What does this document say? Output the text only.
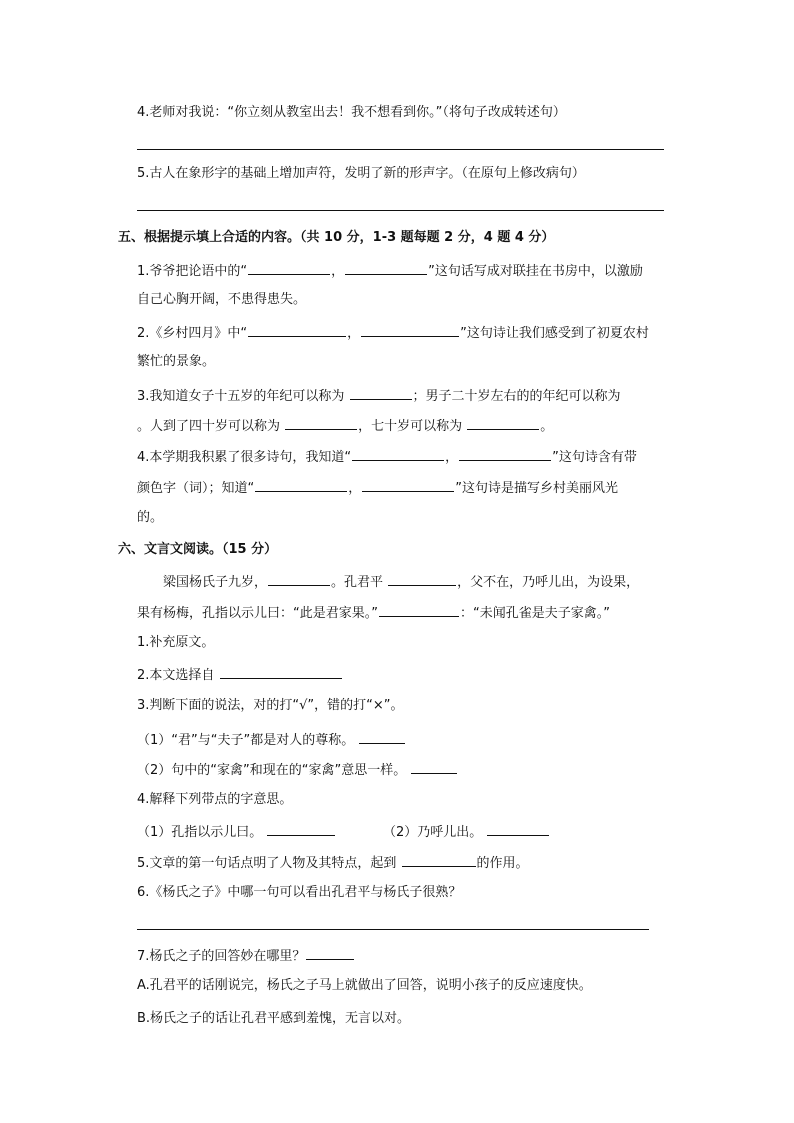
4.老师对我说：“你立刻从教室出去！我不想看到你。”（将句子改成转述句）
5.古人在象形字的基础上增加声符，发明了新的形声字。（在原句上修改病句）
五、根据提示填上合适的内容。（共 10 分，1-3 题每题 2 分，4 题 4 分）
1.爷爷把论语中的“	，	”这句话写成对联挂在书房中，以激励
自己心胸开阔，不患得患失。
2.《乡村四月》中“	，	”这句诗让我们感受到了初夏农村
繁忙的景象。
3.我知道女子十五岁的年纪可以称为	；男子二十岁左右的的年纪可以称为
。人到了四十岁可以称为	，七十岁可以称为	。
4.本学期我积累了很多诗句，我知道“	，	”这句诗含有带
颜色字（词）；知道“	，	”这句诗是描写乡村美丽风光
的。
六、文言文阅读。（15 分）
梁国杨氏子九岁，	。孔君平	，父不在，乃呼儿出，为设果，
果有杨梅，孔指以示儿曰：“此是君家果。”	：“未闻孔雀是夫子家禽。”
1.补充原文。
2.本文选择自
3.判断下面的说法，对的打“√”，错的打“×”。
（1）“君”与“夫子”都是对人的尊称。
（2）句中的“家禽”和现在的“家禽”意思一样。
4.解释下列带点的字意思。
（1）孔指以示儿曰。	（2）乃呼儿出。
5.文章的第一句话点明了人物及其特点，起到	的作用。
6.《杨氏之子》中哪一句可以看出孔君平与杨氏子很熟？
7.杨氏之子的回答妙在哪里？
A.孔君平的话刚说完，杨氏之子马上就做出了回答，说明小孩子的反应速度快。
B.杨氏之子的话让孔君平感到羞愧，无言以对。
